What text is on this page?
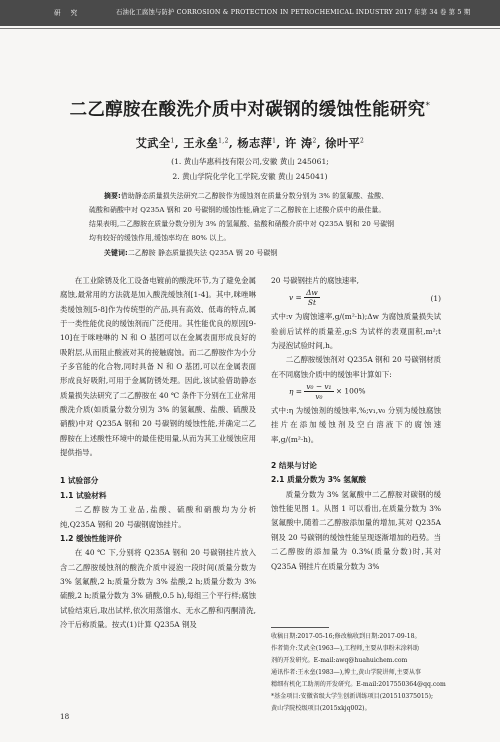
研究	石油化工腐蚀与防护 CORROSION & PROTECTION IN PETROCHEMICAL INDUSTRY 2017 年第 34 卷 第 5 期
二乙醇胺在酸洗介质中对碳钢的缓蚀性能研究*
艾武全$^1$, 王永垒$^{1,2}$, 杨志萍$^1$, 许 涛$^2$, 徐叶平$^2$
(1. 黄山华惠科技有限公司,安徽 黄山 245061;
2. 黄山学院化学化工学院,安徽 黄山 245041)
摘要:借助静态质量损失法研究二乙醇胺作为缓蚀剂在质量分数分别为 3% 的氢氟酸、盐酸、
硫酸和硝酸中对 Q235A 钢和 20 号碳钢的缓蚀性能,确定了二乙醇胺在上述酸介质中的最佳量。
结果表明,二乙醇胺在质量分数分别为 3% 的氢氟酸、盐酸和硝酸介质中对 Q235A 钢和 20 号碳钢
均有较好的缓蚀作用,缓蚀率均在 80% 以上。
关键词:二乙醇胺 静态质量损失法 Q235A 钢 20 号碳钢

在工业除锈及化工设备电镀前的酸洗环节,为了避免金属腐蚀,最常用的方法就是加入酸洗缓蚀剂[1-4]。其中,咪唑啉类缓蚀剂[5-8]作为传统型的产品,具有高效、低毒的特点,属于一类性能优良的缓蚀剂而广泛使用。其性能优良的原因[9-10]在于咪唑啉的 N 和 O 基团可以在金属表面形成良好的吸附层,从而阻止酸液对其的接触腐蚀。而二乙醇胺作为小分子多官能的化合物,同时具备 N 和 O 基团,可以在金属表面形成良好吸附,可用于金属防锈处理。因此,该试验借助静态质量损失法研究了二乙醇胺在 40 ℃ 条件下分别在工业常用酸洗介质(如质量分数分别为 3% 的氢氟酸、盐酸、硫酸及硝酸)中对 Q235A 钢和 20 号碳钢的缓蚀性能,并确定二乙醇胺在上述酸性环境中的最佳使用量,从而为其工业缓蚀应用提供指导。

1 试验部分

1.1 试验材料

二乙醇胺为工业品,盐酸、硫酸和硝酸均为分析纯,Q235A 钢和 20 号碳钢腐蚀挂片。

1.2 缓蚀性能评价

在 40 ℃ 下,分别将 Q235A 钢和 20 号碳钢挂片放入含二乙醇胺缓蚀剂的酸洗介质中浸泡一段时间(质量分数为 3% 氢氟酸,2 h;质量分数为 3% 盐酸,2 h;质量分数为 3% 硫酸,2 h;质量分数为 3% 硝酸,0.5 h),每组三个平行样;腐蚀试验结束后,取出试样,依次用蒸馏水、无水乙醇和丙酮清洗,冷干后称质量。按式(1)计算 Q235A 钢及

20 号碳钢挂片的腐蚀速率,

$v = \frac{\Delta w}{St}$	(1)

式中:v 为腐蚀速率,g/(m²·h);Δw 为腐蚀质量损失试验前后试样的质量差,g;S 为试样的表观面积,m²;t 为浸泡试验时间,h。

二乙醇胺缓蚀剂对 Q235A 钢和 20 号碳钢材质在不同腐蚀介质中的缓蚀率计算如下:

$\eta = \frac{\text{v₀ − v₁}}{\text{v₀}} \times 100\%$

式中:η 为缓蚀剂的缓蚀率,%;v₁,v₀ 分别为缓蚀腐蚀挂片在添加缓蚀剂及空白溶液下的腐蚀速率,g/(m²·h)。

2 结果与讨论

2.1 质量分数为 3% 氢氟酸

质量分数为 3% 氢氟酸中二乙醇胺对碳钢的缓蚀性能见图 1。从图 1 可以看出,在质量分数为 3% 氢氟酸中,随着二乙醇胺添加量的增加,其对 Q235A 钢及 20 号碳钢的缓蚀性能呈现逐渐增加的趋势。当二乙醇胺的添加量为 0.3%(质量分数)时,其对 Q235A 钢挂片在质量分数为 3%

收稿日期:2017-05-16;修改稿收到日期:2017-09-18。
作者简介:艾武全(1963—),工程师,主要从事粉末涂料助
剂的开发研究。E-mail:awq@huahuichem.com
通讯作者:王永垒(1983—),博士,黄山学院讲师,主要从事
精细有机化工助剂的开发研究。E-mail:2017550364@qq.com
*基金项目:安徽省级大学生创新训练项目(201510375015);
黄山学院校级项目(2015xkjq002)。
18
